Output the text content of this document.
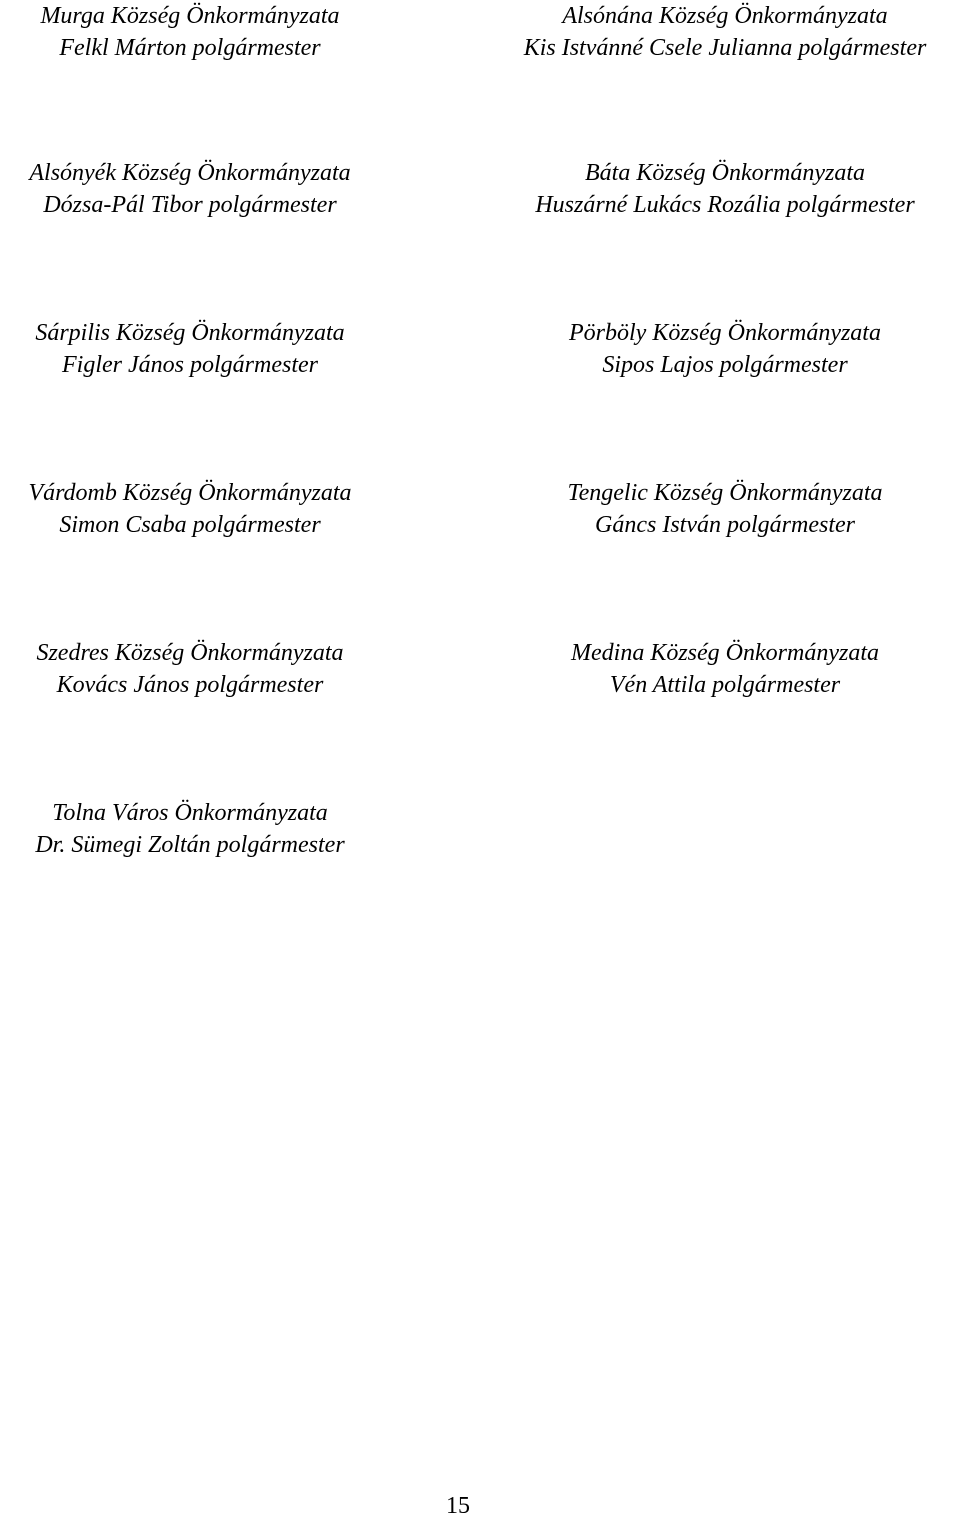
Murga Község Önkormányzata
Felkl Márton polgármester
Alsónána Község Önkormányzata
Kis Istvánné Csele Julianna polgármester
Alsónyék Község Önkormányzata
Dózsa-Pál Tibor polgármester
Báta Község Önkormányzata
Huszárné Lukács Rozália polgármester
Sárpilis Község Önkormányzata
Figler János polgármester
Pörböly Község Önkormányzata
Sipos Lajos polgármester
Várdomb Község Önkormányzata
Simon Csaba polgármester
Tengelic Község Önkormányzata
Gáncs István polgármester
Szedres Község Önkormányzata
Kovács János polgármester
Medina Község Önkormányzata
Vén Attila polgármester
Tolna Város Önkormányzata
Dr. Sümegi Zoltán polgármester
15
